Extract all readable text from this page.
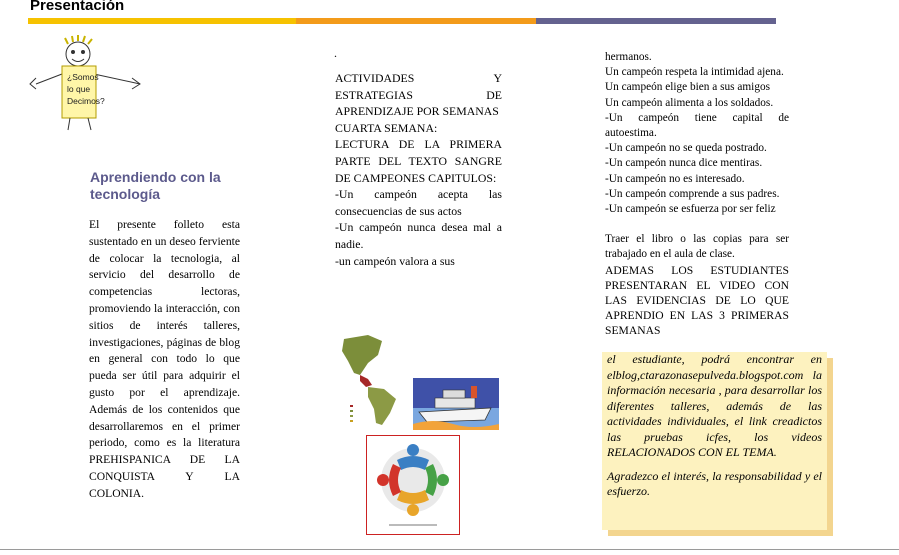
Presentación
¿Somos
lo que
Decimos?
Aprendiendo con la tecnología
El presente folleto esta sustentado en un deseo ferviente de colocar la tecnologia, al servicio del desarrollo de competencias lectoras, promoviendo la interacción, con sitios de interés talleres, investigaciones, páginas de blog en general con todo lo que pueda ser útil para adquirir el gusto por el aprendizaje. Además de los contenidos que desarrollaremos en el primer periodo, como es la literatura PREHISPANICA DE LA CONQUISTA Y LA COLONIA.
.

ACTIVIDADES Y ESTRATEGIAS DE APRENDIZAJE POR SEMANAS

CUARTA SEMANA:

LECTURA DE LA PRIMERA PARTE DEL TEXTO SANGRE DE CAMPEONES CAPITULOS:

-Un campeón acepta las consecuencias de sus actos

-Un campeón nunca desea mal a nadie.

-un campeón valora a sus

hermanos.

Un campeón respeta la intimidad ajena.

Un campeón elige bien a sus amigos

Un campeón alimenta a los soldados.

-Un campeón tiene capital de autoestima.

-Un campeón no se queda postrado.

-Un campeón nunca dice mentiras.

-Un campeón no es interesado.

-Un campeón comprende a sus padres.

-Un campeón se esfuerza por ser feliz

Traer el libro o las copias para ser trabajado en el aula de clase.

ADEMAS LOS ESTUDIANTES PRESENTARAN EL VIDEO CON LAS EVIDENCIAS DE LO QUE APRENDIO EN LAS 3 PRIMERAS SEMANAS

el estudiante, podrá encontrar en elblog,ctarazonasepulveda.blogspot.com la información necesaria , para desarrollar los diferentes talleres, además de las actividades individuales, el link creadictos las pruebas icfes, los videos RELACIONADOS CON EL TEMA.

Agradezco el interés, la responsabilidad y el esfuerzo.
